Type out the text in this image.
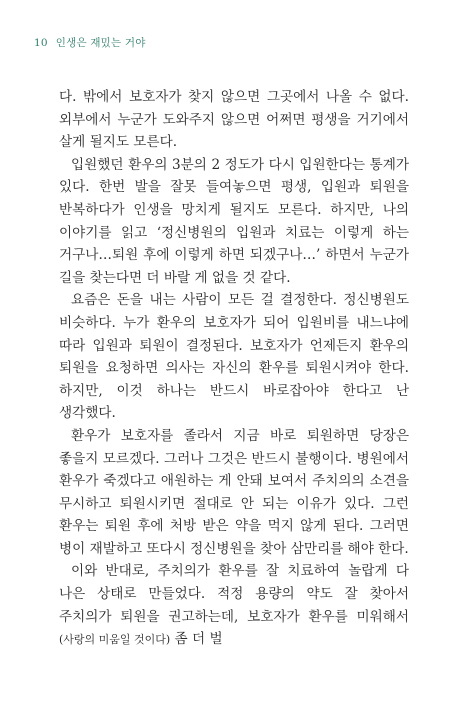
10 인생은 재밌는 거야

다. 밖에서 보호자가 찾지 않으면 그곳에서 나올 수 없다. 외부에서 누군가 도와주지 않으면 어쩌면 평생을 거기에서 살게 될지도 모른다.

입원했던 환우의 3분의 2 정도가 다시 입원한다는 통계가 있다. 한번 발을 잘못 들여놓으면 평생, 입원과 퇴원을 반복하다가 인생을 망치게 될지도 모른다. 하지만, 나의 이야기를 읽고 ‘정신병원의 입원과 치료는 이렇게 하는 거구나…퇴원 후에 이렇게 하면 되겠구나…’ 하면서 누군가 길을 찾는다면 더 바랄 게 없을 것 같다.

요즘은 돈을 내는 사람이 모든 걸 결정한다. 정신병원도 비슷하다. 누가 환우의 보호자가 되어 입원비를 내느냐에 따라 입원과 퇴원이 결정된다. 보호자가 언제든지 환우의 퇴원을 요청하면 의사는 자신의 환우를 퇴원시켜야 한다. 하지만, 이것 하나는 반드시 바로잡아야 한다고 난 생각했다.

환우가 보호자를 졸라서 지금 바로 퇴원하면 당장은 좋을지 모르겠다. 그러나 그것은 반드시 불행이다. 병원에서 환우가 죽겠다고 애원하는 게 안돼 보여서 주치의의 소견을 무시하고 퇴원시키면 절대로 안 되는 이유가 있다. 그런 환우는 퇴원 후에 처방 받은 약을 먹지 않게 된다. 그러면 병이 재발하고 또다시 정신병원을 찾아 삼만리를 해야 한다.

이와 반대로, 주치의가 환우를 잘 치료하여 놀랍게 다 나은 상태로 만들었다. 적정 용량의 약도 잘 찾아서 주치의가 퇴원을 권고하는데, 보호자가 환우를 미워해서(사랑의 미움일 것이다) 좀 더 벌
